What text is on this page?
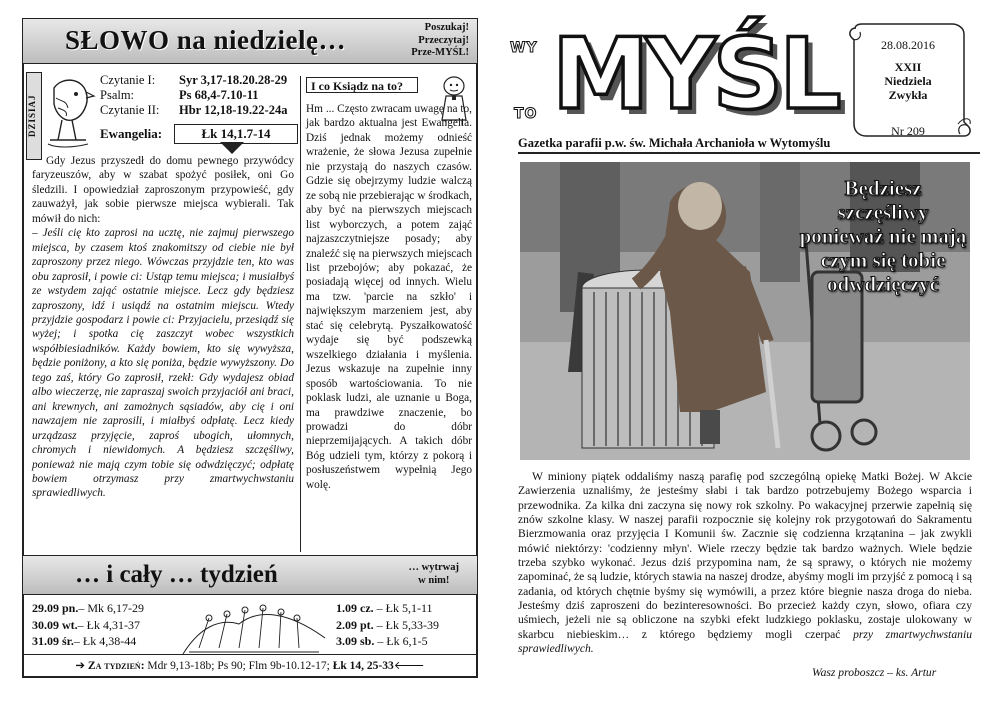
SŁOWO na niedzielę…	Poszukaj!
Przeczytaj!
Prze-MYŚL!
DZISIAJ
Czytanie I: Syr 3,17-18.20.28-29
Psalm:	Ps 68,4-7.10-11
Czytanie II: Hbr 12,18-19.22-24a
Ewangelia:	Łk 14,1.7-14

Gdy Jezus przyszedł do domu pewnego przywódcy faryzeuszów, aby w szabat spożyć posiłek, oni Go śledzili. I opowiedział zaproszonym przypowieść, gdy zauważył, jak sobie pierwsze miejsca wybierali. Tak mówił do nich:

– Jeśli cię kto zaprosi na ucztę, nie zajmuj pierwszego miejsca, by czasem ktoś znakomitszy od ciebie nie był zaproszony przez niego. Wówczas przyjdzie ten, kto was obu zaprosił, i powie ci: Ustąp temu miejsca; i musiałbyś ze wstydem zająć ostatnie miejsce. Lecz gdy będziesz zaproszony, idź i usiądź na ostatnim miejscu. Wtedy przyjdzie gospodarz i powie ci: Przyjacielu, przesiądź się wyżej; i spotka cię zaszczyt wobec wszystkich współbiesiadników. Każdy bowiem, kto się wywyższa, będzie poniżony, a kto się poniża, będzie wywyższony. Do tego zaś, który Go zaprosił, rzekł: Gdy wydajesz obiad albo wieczerzę, nie zapraszaj swoich przyjaciół ani braci, ani krewnych, ani zamożnych sąsiadów, aby cię i oni nawzajem nie zaprosili, i miałbyś odpłatę. Lecz kiedy urządzasz przyjęcie, zaproś ubogich, ułomnych, chromych i niewidomych. A będziesz szczęśliwy, ponieważ nie mają czym tobie się odwdzięczyć; odpłatę bowiem otrzymasz przy zmartwychwstaniu sprawiedliwych.

I co Ksiądz na to?
Hm ... Często zwracam uwagę na to, jak bardzo aktualna jest Ewangelia. Dziś jednak możemy odnieść wrażenie, że słowa Jezusa zupełnie nie przystają do naszych czasów. Gdzie się obejrzymy ludzie walczą ze sobą nie przebierając w środkach, aby być na pierwszych miejscach list wyborczych, a potem zająć najzaszczytniejsze posady; aby znaleźć się na pierwszych miejscach list przebojów; aby pokazać, że posiadają więcej od innych. Wielu ma tzw. 'parcie na szkło' i największym marzeniem jest, aby stać się celebrytą. Pyszałkowatość wydaje się być podszewką wszelkiego działania i myślenia. Jezus wskazuje na zupełnie inny sposób wartościowania. To nie poklask ludzi, ale uznanie u Boga, ma prawdziwe znaczenie, bo prowadzi do dóbr nieprzemijających. A takich dóbr Bóg udzieli tym, którzy z pokorą i posłuszeństwem wypełnią Jego wolę.
… i cały … tydzień	… wytrwaj
w nim!
29.09 pn.– Mk 6,17-29
30.09 wt.– Łk 4,31-37
31.09 śr.– Łk 4,38-44
1.09 cz. – Łk 5,1-11
2.09 pt. – Łk 5,33-39
3.09 sb. – Łk 6,1-5
➔ Za tydzień: Mdr 9,13-18b; Ps 90; Flm 9b-10.12-17; Łk 14, 25-33🡐
WY
TO MYŚL	28.08.2016
XXII
Niedziela
Zwykła
Nr 209
Gazetka parafii p.w. św. Michała Archanioła w Wytomyślu
Będziesz szczęśliwy ponieważ nie mają czym się tobie odwdzięczyć
W miniony piątek oddaliśmy naszą parafię pod szczególną opiekę Matki Bożej. W Akcie Zawierzenia uznaliśmy, że jesteśmy słabi i tak bardzo potrzebujemy Bożego wsparcia i przewodnika. Za kilka dni zaczyna się nowy rok szkolny. Po wakacyjnej przerwie zapełnią się znów szkolne klasy. W naszej parafii rozpocznie się kolejny rok przygotowań do Sakramentu Bierzmowania oraz przyjęcia I Komunii św. Zacznie się codzienna krzątanina – jak zwykli mówić niektórzy: 'codzienny młyn'. Wiele rzeczy będzie tak bardzo ważnych. Wiele będzie trzeba szybko wykonać. Jezus dziś przypomina nam, że są sprawy, o których nie możemy zapominać, że są ludzie, których stawia na naszej drodze, abyśmy mogli im przyjść z pomocą i są zadania, od których chętnie byśmy się wymówili, a przez które biegnie nasza droga do nieba. Jesteśmy dziś zaproszeni do bezinteresowności. Bo przecież każdy czyn, słowo, ofiara czy uśmiech, jeżeli nie są obliczone na szybki efekt ludzkiego poklasku, zostaje ulokowany w skarbcu niebieskim… z którego będziemy mogli czerpać przy zmartwychwstaniu sprawiedliwych.
Wasz proboszcz – ks. Artur
